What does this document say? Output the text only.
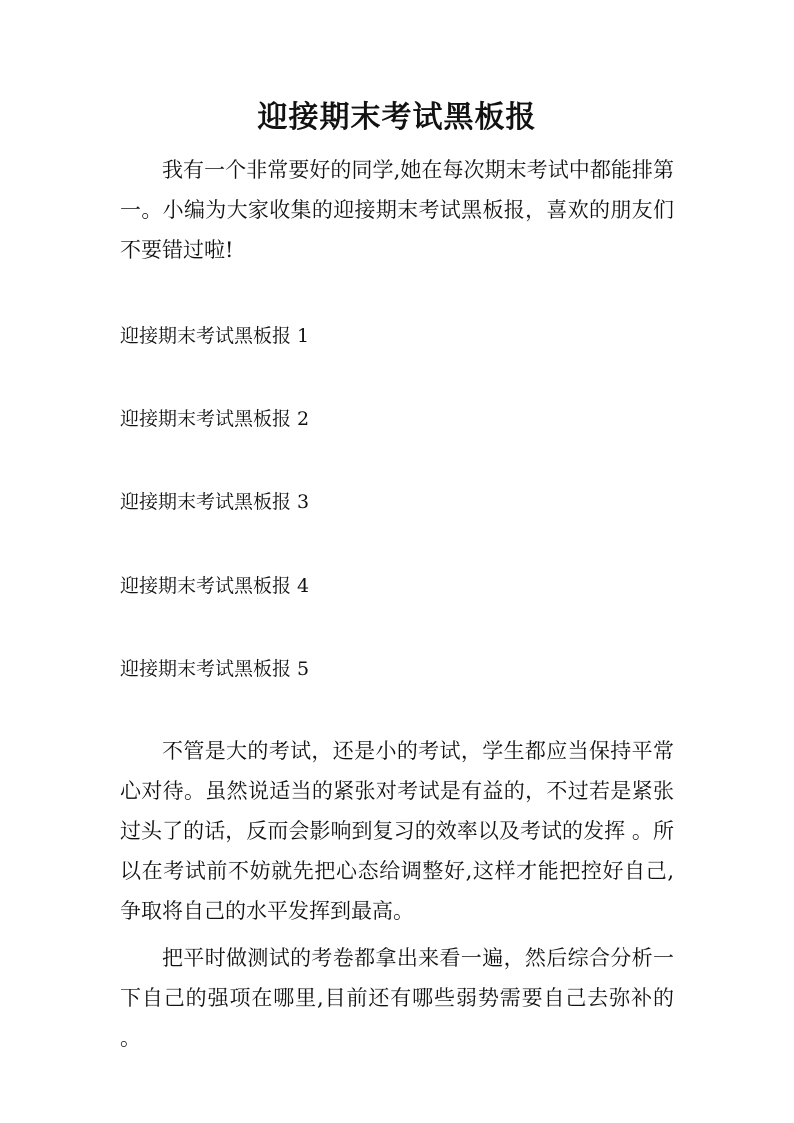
迎接期末考试黑板报

我有一个非常要好的同学,她在每次期末考试中都能排第一。小编为大家收集的迎接期末考试黑板报，喜欢的朋友们不要错过啦!

迎接期末考试黑板报 1

迎接期末考试黑板报 2

迎接期末考试黑板报 3

迎接期末考试黑板报 4

迎接期末考试黑板报 5

不管是大的考试，还是小的考试，学生都应当保持平常心对待。虽然说适当的紧张对考试是有益的，不过若是紧张过头了的话，反而会影响到复习的效率以及考试的发挥 。所以在考试前不妨就先把心态给调整好,这样才能把控好自己,争取将自己的水平发挥到最高。

把平时做测试的考卷都拿出来看一遍，然后综合分析一下自己的强项在哪里,目前还有哪些弱势需要自己去弥补的 。
